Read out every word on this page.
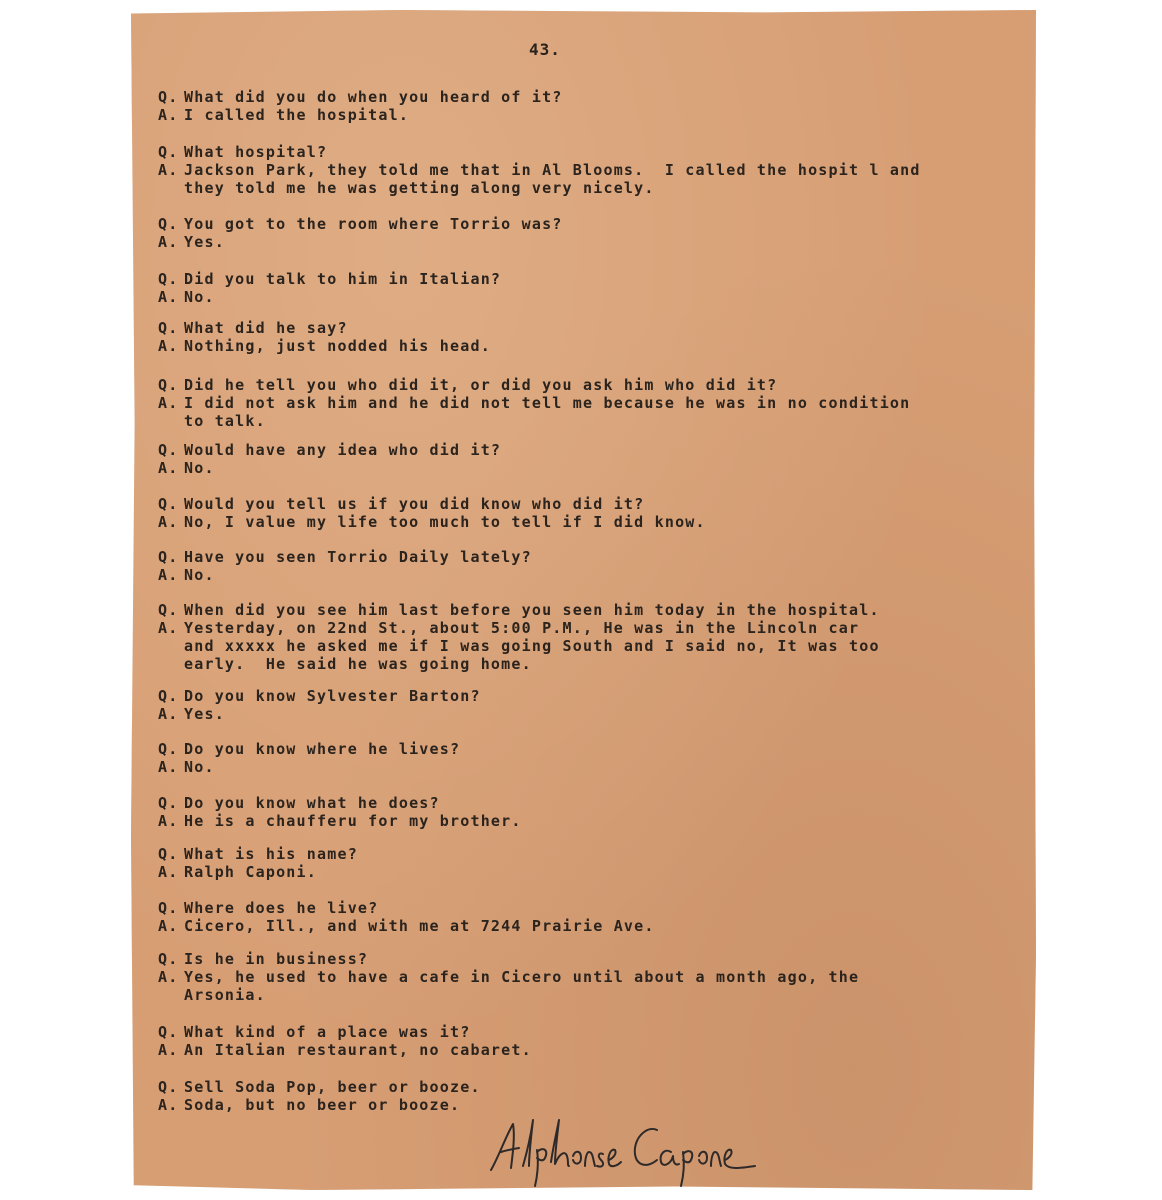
43.
Q. What did you do when you heard of it?
A. I called the hospital.
Q. What hospital?
A. Jackson Park, they told me that in Al Blooms.  I called the hospit l and
they told me he was getting along very nicely.
Q. You got to the room where Torrio was?
A. Yes.
Q. Did you talk to him in Italian?
A. No.
Q. What did he say?
A. Nothing, just nodded his head.
Q. Did he tell you who did it, or did you ask him who did it?
A. I did not ask him and he did not tell me because he was in no condition
to talk.
Q. Would have any idea who did it?
A. No.
Q. Would you tell us if you did know who did it?
A. No, I value my life too much to tell if I did know.
Q. Have you seen Torrio Daily lately?
A. No.
Q. When did you see him last before you seen him today in the hospital.
A. Yesterday, on 22nd St., about 5:00 P.M., He was in the Lincoln car
and xxxxx he asked me if I was going South and I said no, It was too
early.  He said he was going home.
Q. Do you know Sylvester Barton?
A. Yes.
Q. Do you know where he lives?
A. No.
Q. Do you know what he does?
A. He is a chaufferu for my brother.
Q. What is his name?
A. Ralph Caponi.
Q. Where does he live?
A. Cicero, Ill., and with me at 7244 Prairie Ave.
Q. Is he in business?
A. Yes, he used to have a cafe in Cicero until about a month ago, the
Arsonia.
Q. What kind of a place was it?
A. An Italian restaurant, no cabaret.
Q. Sell Soda Pop, beer or booze.
A. Soda, but no beer or booze.
